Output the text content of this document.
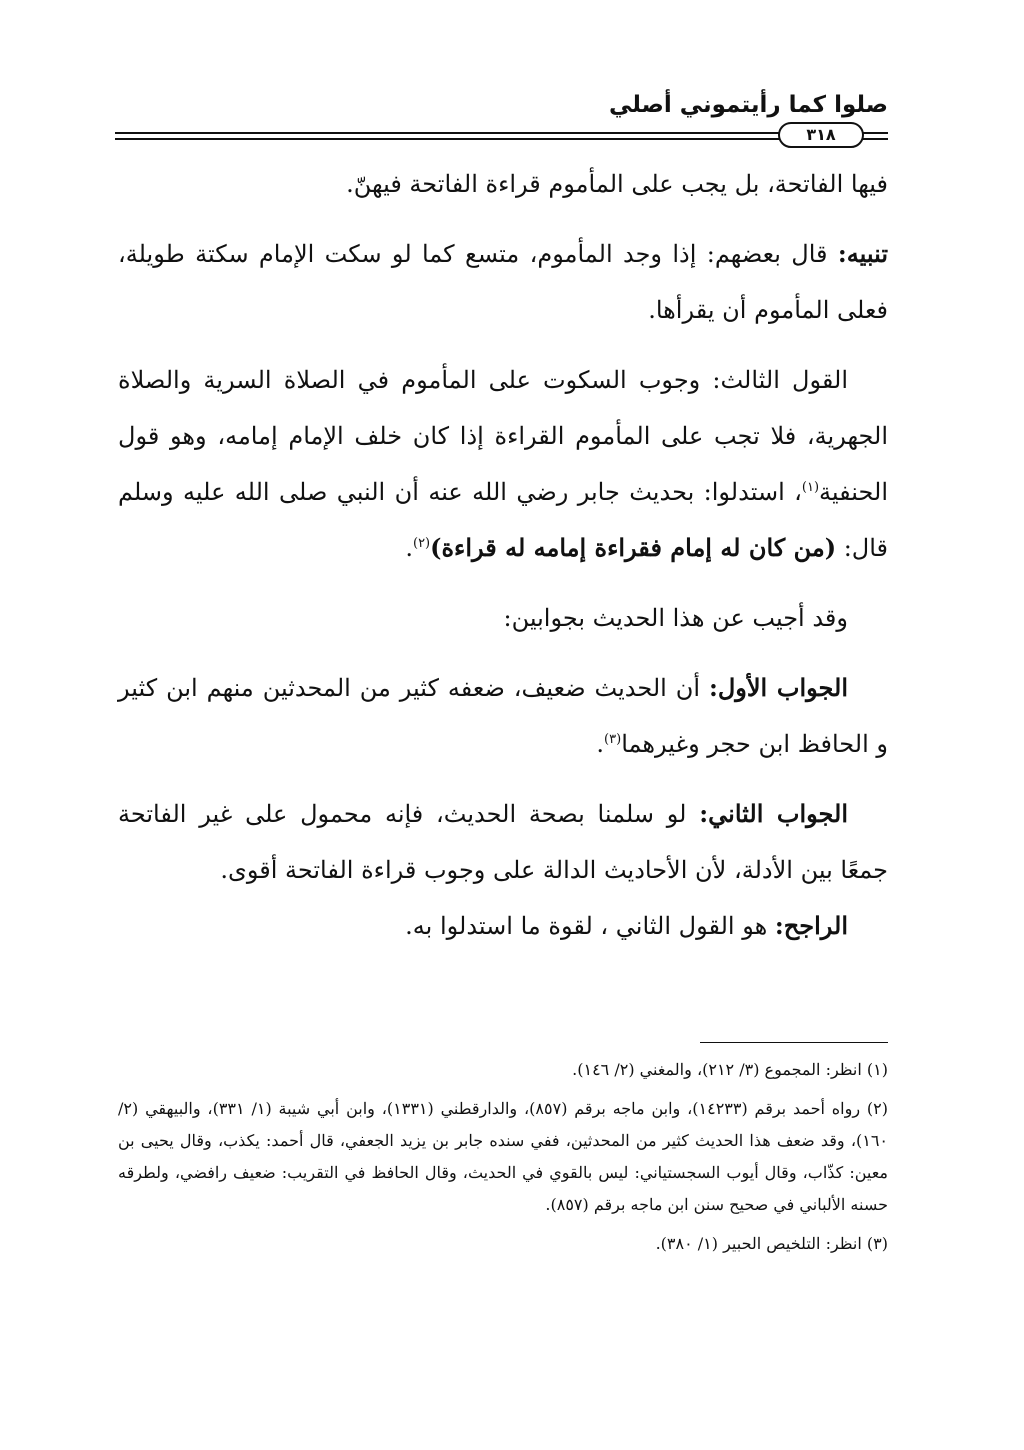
صلوا كما رأيتموني أصلي
٣١٨

فيها الفاتحة، بل يجب على المأموم قراءة الفاتحة فيهنّ.

تنبيه: قال بعضهم: إذا وجد المأموم، متسع كما لو سكت الإمام سكتة طويلة، فعلى المأموم أن يقرأها.

القول الثالث: وجوب السكوت على المأموم في الصلاة السرية والصلاة الجهرية، فلا تجب على المأموم القراءة إذا كان خلف الإمام إمامه، وهو قول الحنفية$^{(١)}$، استدلوا: بحديث جابر رضي الله عنه أن النبي صلى الله عليه وسلم قال: (من كان له إمام فقراءة إمامه له قراءة)$^{(٢)}$.

وقد أجيب عن هذا الحديث بجوابين:

الجواب الأول: أن الحديث ضعيف، ضعفه كثير من المحدثين منهم ابن كثير و الحافظ ابن حجر وغيرهما$^{(٣)}$.

الجواب الثاني: لو سلمنا بصحة الحديث، فإنه محمول على غير الفاتحة جمعًا بين الأدلة، لأن الأحاديث الدالة على وجوب قراءة الفاتحة أقوى.

الراجح: هو القول الثاني ، لقوة ما استدلوا به.

(١) انظر: المجموع (٣/ ٢١٢)، والمغني (٢/ ١٤٦).

(٢) رواه أحمد برقم (١٤٢٣٣)، وابن ماجه برقم (٨٥٧)، والدارقطني (١٣٣١)، وابن أبي شيبة (١/ ٣٣١)، والبيهقي (٢/ ١٦٠)، وقد ضعف هذا الحديث كثير من المحدثين، ففي سنده جابر بن يزيد الجعفي، قال أحمد: يكذب، وقال يحيى بن معين: كذّاب، وقال أيوب السجستياني: ليس بالقوي في الحديث، وقال الحافظ في التقريب: ضعيف رافضي، ولطرقه حسنه الألباني في صحيح سنن ابن ماجه برقم (٨٥٧).

(٣) انظر: التلخيص الحبير (١/ ٣٨٠).
